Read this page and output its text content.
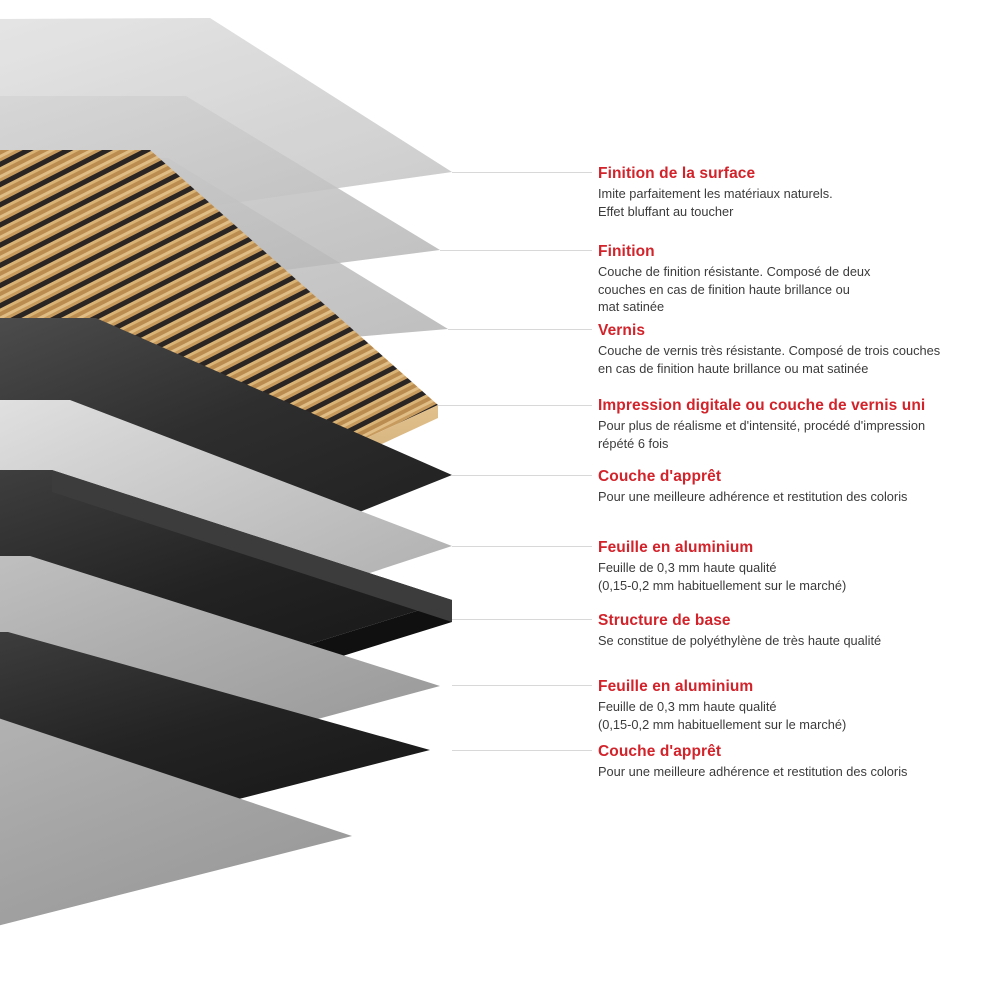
Finition de la surface
Imite parfaitement les matériaux naturels.
Effet bluffant au toucher
Finition
Couche de finition résistante. Composé de deux
couches en cas de finition haute brillance ou
mat satinée
Vernis
Couche de vernis très résistante. Composé de trois couches
en cas de finition haute brillance ou mat satinée
Impression digitale ou couche de vernis uni
Pour plus de réalisme et d'intensité, procédé d'impression
répété 6 fois
Couche d'apprêt
Pour une meilleure adhérence et restitution des coloris
Feuille en aluminium
Feuille de 0,3 mm haute qualité
(0,15-0,2 mm habituellement sur le marché)
Structure de base
Se constitue de polyéthylène de très haute qualité
Feuille en aluminium
Feuille de 0,3 mm haute qualité
(0,15-0,2 mm habituellement sur le marché)
Couche d'apprêt
Pour une meilleure adhérence et restitution des coloris
